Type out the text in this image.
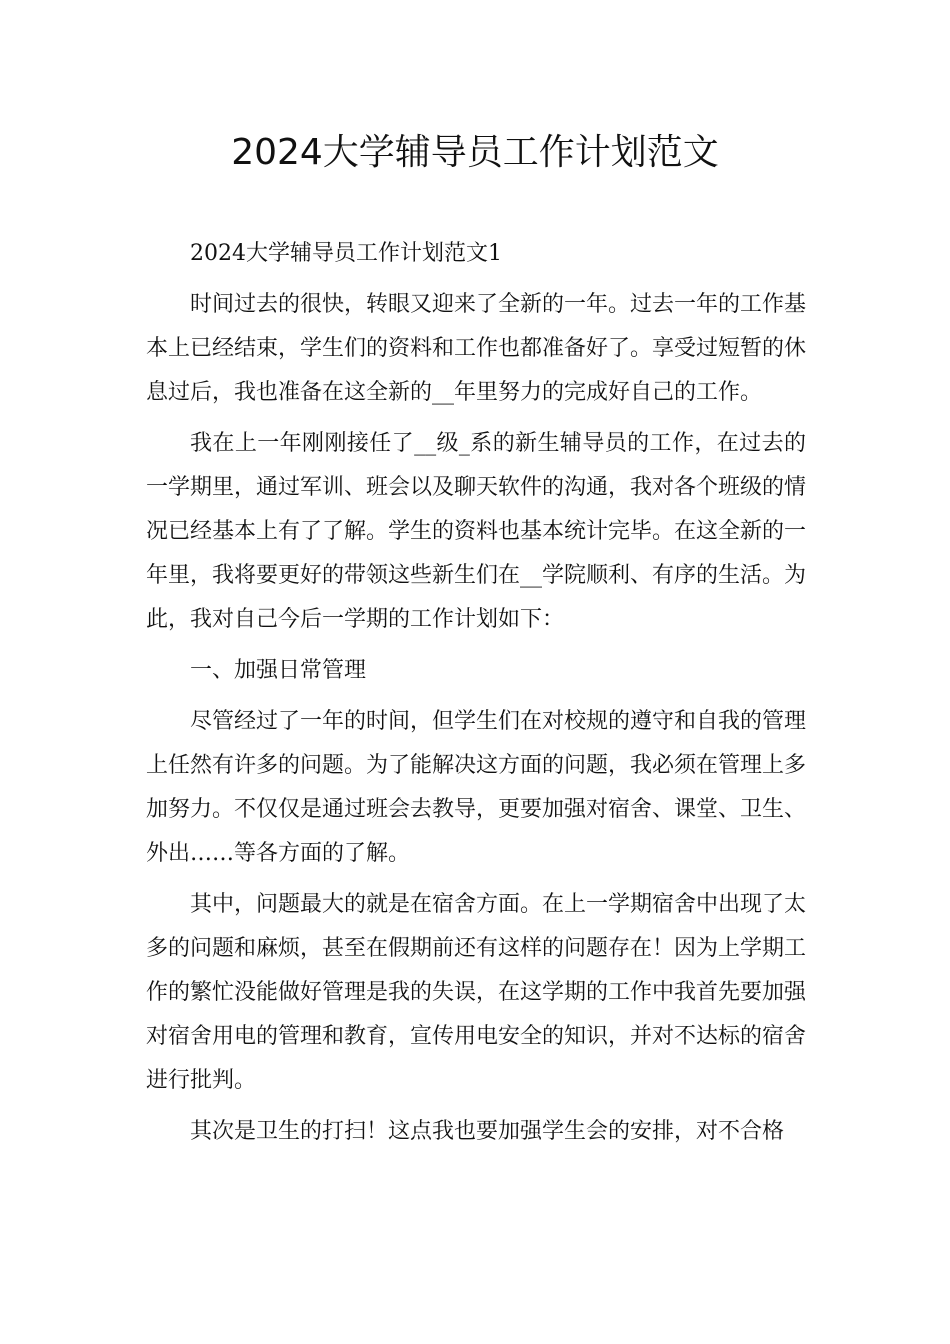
2024大学辅导员工作计划范文

2024大学辅导员工作计划范文1

时间过去的很快，转眼又迎来了全新的一年。过去一年的工作基本上已经结束，学生们的资料和工作也都准备好了。享受过短暂的休息过后，我也准备在这全新的__年里努力的完成好自己的工作。

我在上一年刚刚接任了__级_系的新生辅导员的工作，在过去的一学期里，通过军训、班会以及聊天软件的沟通，我对各个班级的情况已经基本上有了了解。学生的资料也基本统计完毕。在这全新的一年里，我将要更好的带领这些新生们在__学院顺利、有序的生活。为此，我对自己今后一学期的工作计划如下：

一、加强日常管理

尽管经过了一年的时间，但学生们在对校规的遵守和自我的管理上任然有许多的问题。为了能解决这方面的问题，我必须在管理上多加努力。不仅仅是通过班会去教导，更要加强对宿舍、课堂、卫生、外出……等各方面的了解。

其中，问题最大的就是在宿舍方面。在上一学期宿舍中出现了太多的问题和麻烦，甚至在假期前还有这样的问题存在！因为上学期工作的繁忙没能做好管理是我的失误，在这学期的工作中我首先要加强对宿舍用电的管理和教育，宣传用电安全的知识，并对不达标的宿舍进行批判。

其次是卫生的打扫！这点我也要加强学生会的安排，对不合格
